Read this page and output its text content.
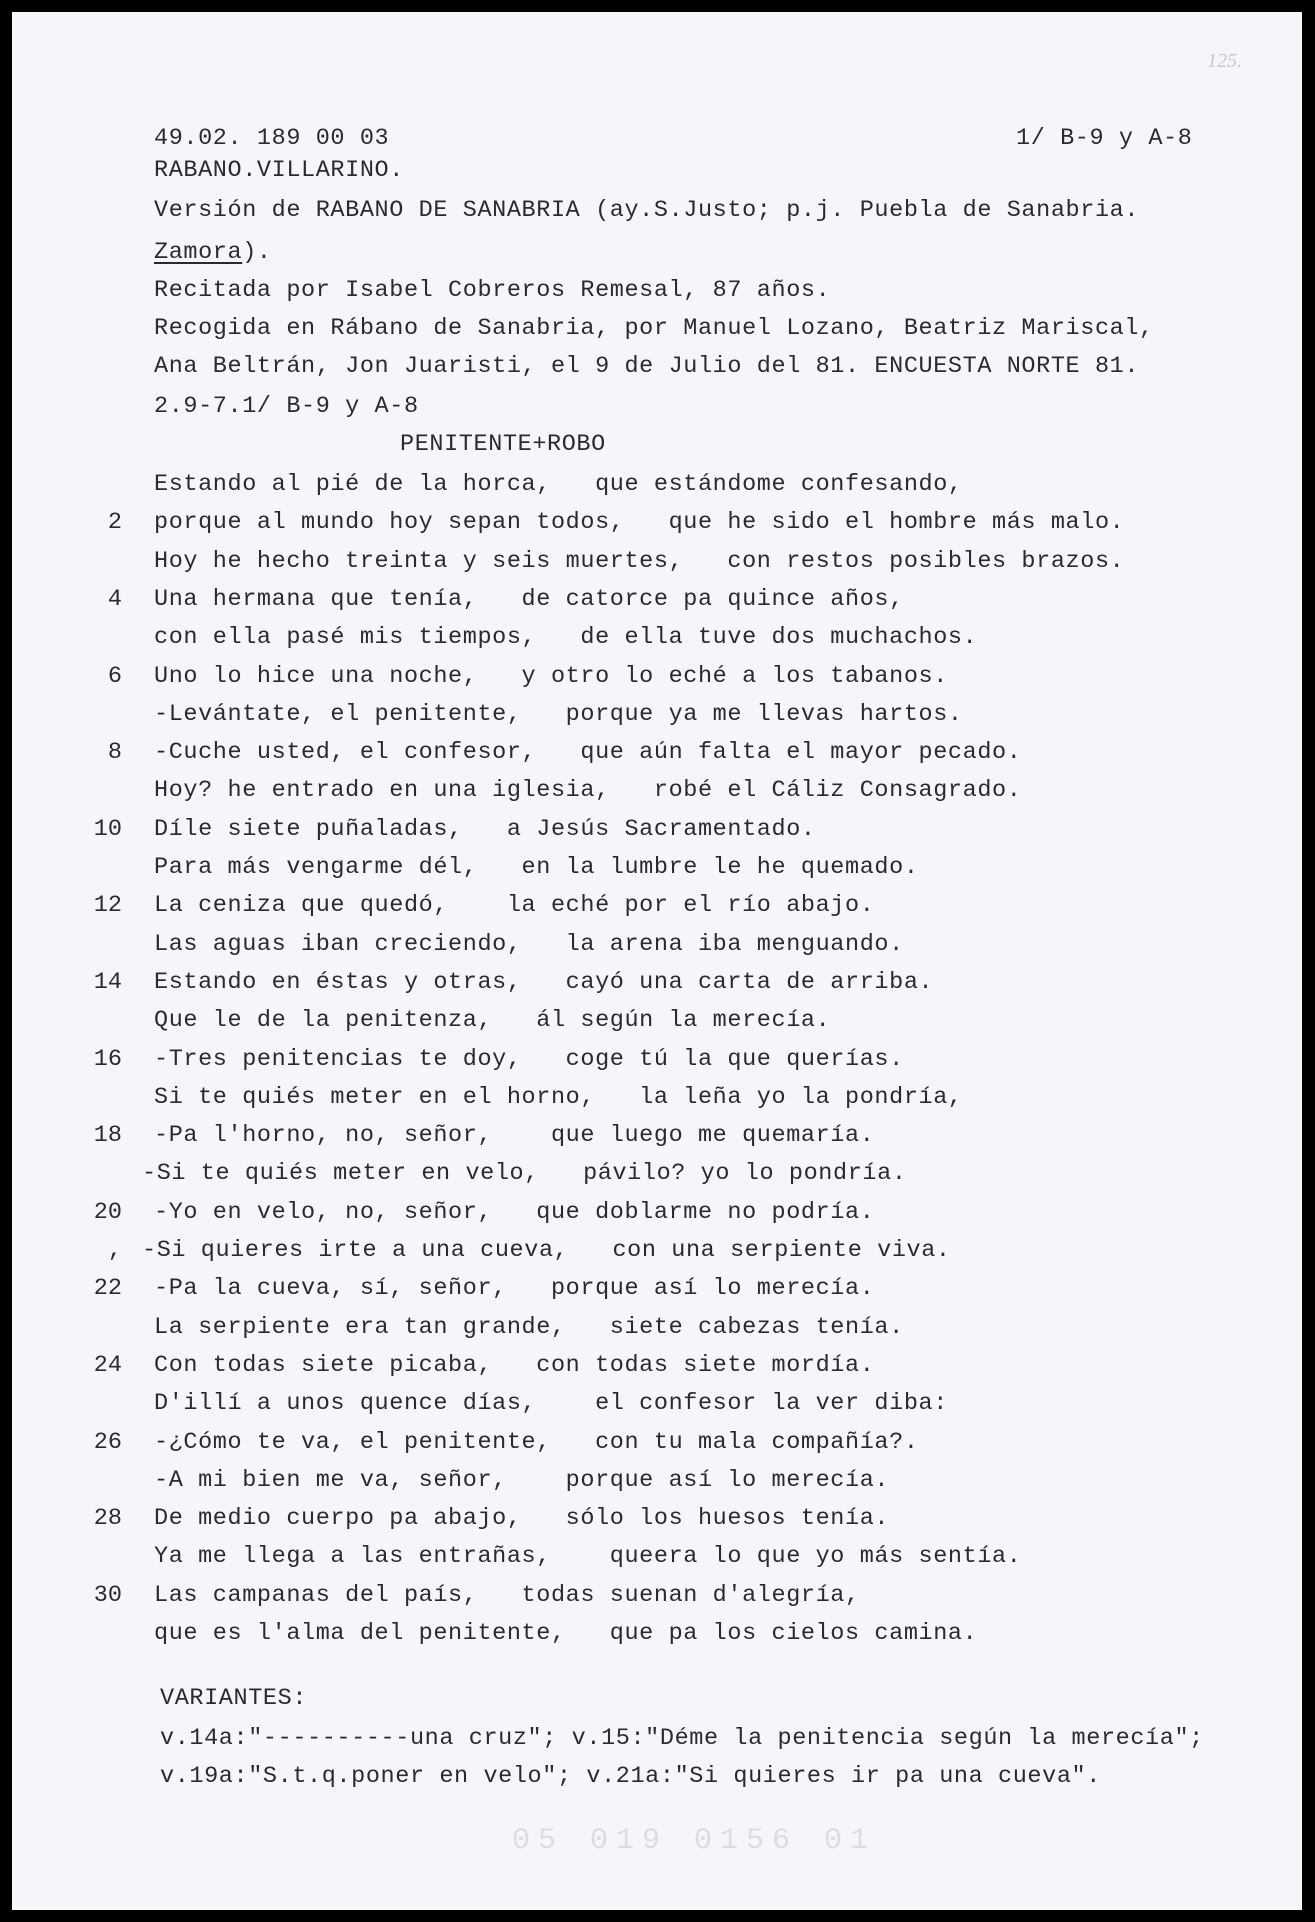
125.
49.02. 189 00 03	1/ B-9 y A-8
RABANO.VILLARINO.
Versión de RABANO DE SANABRIA (ay.S.Justo; p.j. Puebla de Sanabria.
Zamora).
Recitada por Isabel Cobreros Remesal, 87 años.
Recogida en Rábano de Sanabria, por Manuel Lozano, Beatriz Mariscal,
Ana Beltrán, Jon Juaristi, el 9 de Julio del 81. ENCUESTA NORTE 81.
2.9-7.1/ B-9 y A-8
PENITENTE+ROBO
Estando al pié de la horca,   que estándome confesando,
2 porque al mundo hoy sepan todos,   que he sido el hombre más malo.
Hoy he hecho treinta y seis muertes,   con restos posibles brazos.
4 Una hermana que tenía,   de catorce pa quince años,
con ella pasé mis tiempos,   de ella tuve dos muchachos.
6 Uno lo hice una noche,   y otro lo eché a los tabanos.
-Levántate, el penitente,   porque ya me llevas hartos.
8 -Cuche usted, el confesor,   que aún falta el mayor pecado.
Hoy? he entrado en una iglesia,   robé el Cáliz Consagrado.
10 Díle siete puñaladas,   a Jesús Sacramentado.
Para más vengarme dél,   en la lumbre le he quemado.
12 La ceniza que quedó,    la eché por el río abajo.
Las aguas iban creciendo,   la arena iba menguando.
14 Estando en éstas y otras,   cayó una carta de arriba.
Que le de la penitenza,   ál según la merecía.
16 -Tres penitencias te doy,   coge tú la que querías.
Si te quiés meter en el horno,   la leña yo la pondría,
18 -Pa l'horno, no, señor,    que luego me quemaría.
-Si te quiés meter en velo,   pávilo? yo lo pondría.
20 -Yo en velo, no, señor,   que doblarme no podría.
, -Si quieres irte a una cueva,   con una serpiente viva.
22 -Pa la cueva, sí, señor,   porque así lo merecía.
La serpiente era tan grande,   siete cabezas tenía.
24 Con todas siete picaba,   con todas siete mordía.
D'illí a unos quence días,    el confesor la ver diba:
26 -¿Cómo te va, el penitente,   con tu mala compañía?.
-A mi bien me va, señor,    porque así lo merecía.
28 De medio cuerpo pa abajo,   sólo los huesos tenía.
Ya me llega a las entrañas,    queera lo que yo más sentía.
30 Las campanas del país,   todas suenan d'alegría,
que es l'alma del penitente,   que pa los cielos camina.
VARIANTES:
v.14a:"----------una cruz"; v.15:"Déme la penitencia según la merecía";
v.19a:"S.t.q.poner en velo"; v.21a:"Si quieres ir pa una cueva".
05 019 0156 01
